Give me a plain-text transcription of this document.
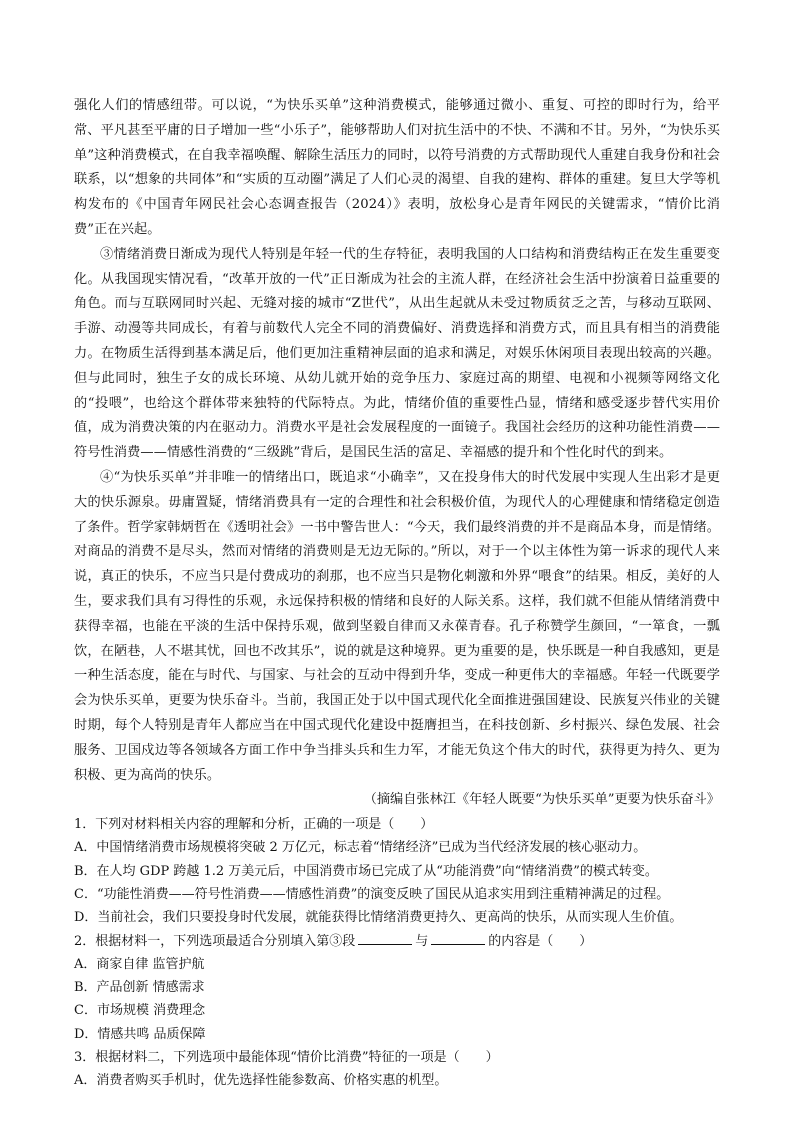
强化人们的情感纽带。可以说，“为快乐买单”这种消费模式，能够通过微小、重复、可控的即时行为，给平常、平凡甚至平庸的日子增加一些“小乐子”，能够帮助人们对抗生活中的不快、不满和不甘。另外，“为快乐买单”这种消费模式，在自我幸福唤醒、解除生活压力的同时，以符号消费的方式帮助现代人重建自我身份和社会联系，以“想象的共同体”和“实质的互动圈”满足了人们心灵的渴望、自我的建构、群体的重建。复旦大学等机构发布的《中国青年网民社会心态调查报告（2024）》表明，放松身心是青年网民的关键需求，“情价比消费”正在兴起。

③情绪消费日渐成为现代人特别是年轻一代的生存特征，表明我国的人口结构和消费结构正在发生重要变化。从我国现实情况看，“改革开放的一代”正日渐成为社会的主流人群，在经济社会生活中扮演着日益重要的角色。而与互联网同时兴起、无缝对接的城市“Z世代”，从出生起就从未受过物质贫乏之苦，与移动互联网、手游、动漫等共同成长，有着与前数代人完全不同的消费偏好、消费选择和消费方式，而且具有相当的消费能力。在物质生活得到基本满足后，他们更加注重精神层面的追求和满足，对娱乐休闲项目表现出较高的兴趣。但与此同时，独生子女的成长环境、从幼儿就开始的竞争压力、家庭过高的期望、电视和小视频等网络文化的“投喂”，也给这个群体带来独特的代际特点。为此，情绪价值的重要性凸显，情绪和感受逐步替代实用价值，成为消费决策的内在驱动力。消费水平是社会发展程度的一面镜子。我国社会经历的这种功能性消费——符号性消费——情感性消费的“三级跳”背后，是国民生活的富足、幸福感的提升和个性化时代的到来。

④“为快乐买单”并非唯一的情绪出口，既追求“小确幸”，又在投身伟大的时代发展中实现人生出彩才是更大的快乐源泉。毋庸置疑，情绪消费具有一定的合理性和社会积极价值，为现代人的心理健康和情绪稳定创造了条件。哲学家韩炳哲在《透明社会》一书中警告世人：“今天，我们最终消费的并不是商品本身，而是情绪。对商品的消费不是尽头，然而对情绪的消费则是无边无际的。”所以，对于一个以主体性为第一诉求的现代人来说，真正的快乐，不应当只是付费成功的刹那，也不应当只是物化刺激和外界“喂食”的结果。相反，美好的人生，要求我们具有习得性的乐观，永远保持积极的情绪和良好的人际关系。这样，我们就不但能从情绪消费中获得幸福，也能在平淡的生活中保持乐观，做到坚毅自律而又永葆青春。孔子称赞学生颜回，“一箪食，一瓢饮，在陋巷，人不堪其忧，回也不改其乐”，说的就是这种境界。更为重要的是，快乐既是一种自我感知，更是一种生活态度，能在与时代、与国家、与社会的互动中得到升华，变成一种更伟大的幸福感。年轻一代既要学会为快乐买单，更要为快乐奋斗。当前，我国正处于以中国式现代化全面推进强国建设、民族复兴伟业的关键时期，每个人特别是青年人都应当在中国式现代化建设中挺膺担当，在科技创新、乡村振兴、绿色发展、社会服务、卫国戍边等各领域各方面工作中争当排头兵和生力军，才能无负这个伟大的时代，获得更为持久、更为积极、更为高尚的快乐。

（摘编自张林江《年轻人既要“为快乐买单”更要为快乐奋斗》

1．下列对材料相关内容的理解和分析，正确的一项是（　　）

A．中国情绪消费市场规模将突破 2 万亿元，标志着“情绪经济”已成为当代经济发展的核心驱动力。

B．在人均 GDP 跨越 1.2 万美元后，中国消费市场已完成了从“功能消费”向“情绪消费”的模式转变。

C．“功能性消费——符号性消费——情感性消费”的演变反映了国民从追求实用到注重精神满足的过程。

D．当前社会，我们只要投身时代发展，就能获得比情绪消费更持久、更高尚的快乐，从而实现人生价值。

2．根据材料一，下列选项最适合分别填入第③段	与	的内容是（　　）

A．商家自律 监管护航

B．产品创新 情感需求

C．市场规模 消费理念

D．情感共鸣 品质保障

3．根据材料二，下列选项中最能体现“情价比消费”特征的一项是（　　）

A．消费者购买手机时，优先选择性能参数高、价格实惠的机型。
